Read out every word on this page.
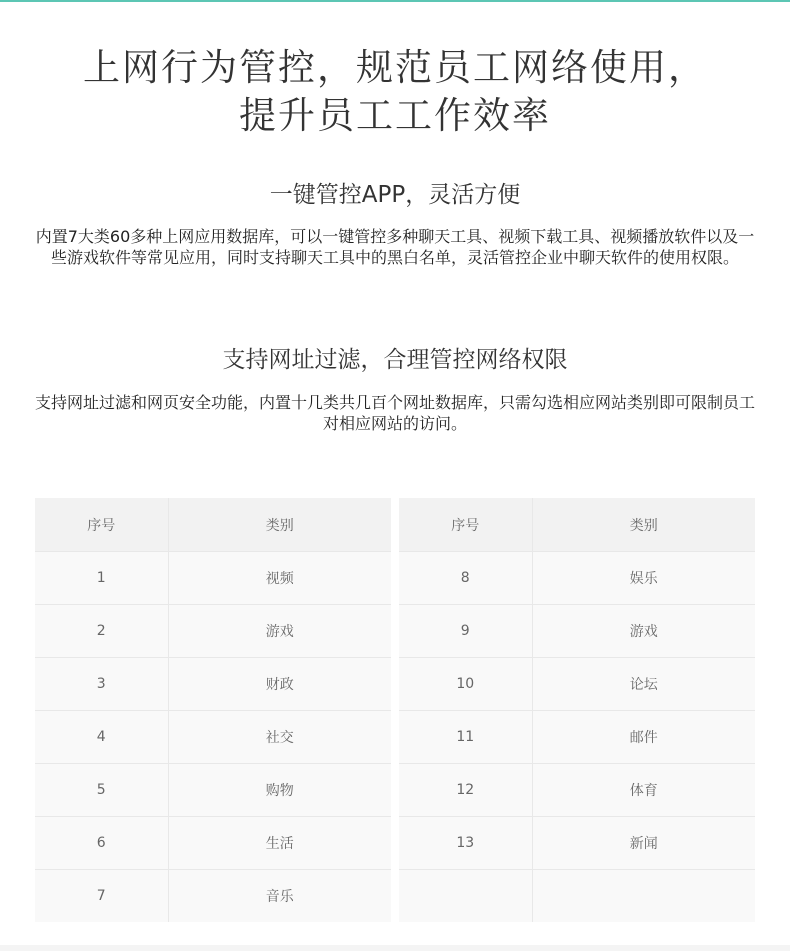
上网行为管控，规范员工网络使用，
提升员工工作效率
一键管控APP，灵活方便

内置7大类60多种上网应用数据库，可以一键管控多种聊天工具、视频下载工具、视频播放软件以及一些游戏软件等常见应用，同时支持聊天工具中的黑白名单，灵活管控企业中聊天软件的使用权限。

支持网址过滤，合理管控网络权限

支持网址过滤和网页安全功能，内置十几类共几百个网址数据库，只需勾选相应网站类别即可限制员工对相应网站的访问。

序号	类别
1	视频
2	游戏
3	财政
4	社交
5	购物
6	生活
7	音乐
序号	类别
8	娱乐
9	游戏
10	论坛
11	邮件
12	体育
13	新闻
